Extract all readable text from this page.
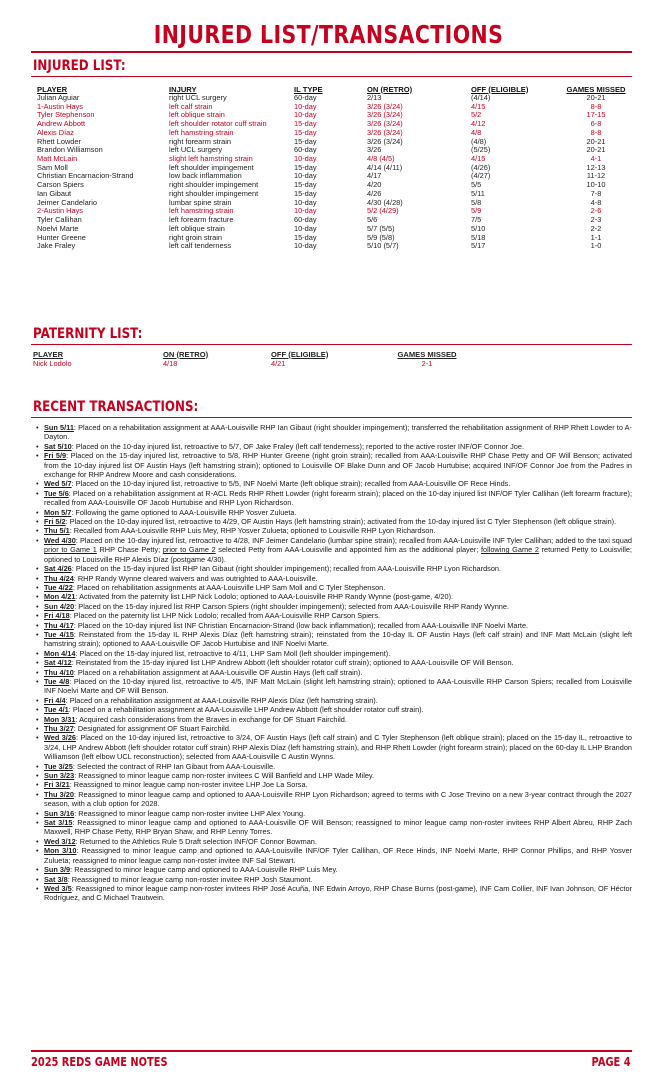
INJURED LIST/TRANSACTIONS
INJURED LIST:
PLAYER	INJURY	IL TYPE	ON (RETRO)	OFF (ELIGIBLE)	GAMES MISSED
Julian Aguiar	right UCL surgery	60-day	2/13	(4/14)	20-21
1-Austin Hays	left calf strain	10-day	3/26 (3/24)	4/15	8-8
Tyler Stephenson	left oblique strain	10-day	3/26 (3/24)	5/2	17-15
Andrew Abbott	left shoulder rotator cuff strain	15-day	3/26 (3/24)	4/12	6-8
Alexis Díaz	left hamstring strain	15-day	3/26 (3/24)	4/8	8-8
Rhett Lowder	right forearm strain	15-day	3/26 (3/24)	(4/8)	20-21
Brandon Williamson	left UCL surgery	60-day	3/26	(5/25)	20-21
Matt McLain	slight left hamstring strain	10-day	4/8 (4/5)	4/15	4-1
Sam Moll	left shoulder impingement	15-day	4/14 (4/11)	(4/26)	12-13
Christian Encarnacion-Strand	low back inflammation	10-day	4/17	(4/27)	11-12
Carson Spiers	right shoulder impingement	15-day	4/20	5/5	10-10
Ian Gibaut	right shoulder impingement	15-day	4/26	5/11	7-8
Jeimer Candelario	lumbar spine strain	10-day	4/30 (4/28)	5/8	4-8
2-Austin Hays	left hamstring strain	10-day	5/2 (4/29)	5/9	2-6
Tyler Callihan	left forearm fracture	60-day	5/6	7/5	2-3
Noelvi Marte	left oblique strain	10-day	5/7 (5/5)	5/10	2-2
Hunter Greene	right groin strain	15-day	5/9 (5/8)	5/18	1-1
Jake Fraley	left calf tenderness	10-day	5/10 (5/7)	5/17	1-0
PATERNITY LIST:
PLAYER	ON (RETRO)	OFF (ELIGIBLE)	GAMES MISSED
Nick Lodolo	4/18	4/21	2-1
RECENT TRANSACTIONS:
• Sun 5/11: Placed on a rehabilitation assignment at AAA-Louisville RHP Ian Gibaut (right shoulder impingement); transferred the rehabilitation assignment of RHP Rhett Lowder to A-Dayton.
• Sat 5/10: Placed on the 10-day injured list, retroactive to 5/7, OF Jake Fraley (left calf tenderness); reported to the active roster INF/OF Connor Joe.
• Fri 5/9: Placed on the 15-day injured list, retroactive to 5/8, RHP Hunter Greene (right groin strain); recalled from AAA-Louisville RHP Chase Petty and OF Will Benson; activated from the 10-day injured list OF Austin Hays (left hamstring strain); optioned to Louisville OF Blake Dunn and OF Jacob Hurtubise; acquired INF/OF Connor Joe from the Padres in exchange for RHP Andrew Moore and cash considerations.
• Wed 5/7: Placed on the 10-day injured list, retroactive to 5/5, INF Noelvi Marte (left oblique strain); recalled from AAA-Louisville OF Rece Hinds.
• Tue 5/6: Placed on a rehabilitation assignment at R-ACL Reds RHP Rhett Lowder (right forearm strain); placed on the 10-day injured list INF/OF Tyler Callihan (left forearm fracture); recalled from AAA-Louisville OF Jacob Hurtubise and RHP Lyon Richardson.
• Mon 5/7: Following the game optioned to AAA-Louisville RHP Yosver Zulueta.
• Fri 5/2: Placed on the 10-day injured list, retroactive to 4/29, OF Austin Hays (left hamstring strain); activated from the 10-day injured list C Tyler Stephenson (left oblique strain).
• Thu 5/1: Recalled from AAA-Louisville RHP Luis Mey, RHP Yosver Zulueta; optioned to Louisville RHP Lyon Richardson.
• Wed 4/30: Placed on the 10-day injured list, retroactive to 4/28, INF Jeimer Candelario (lumbar spine strain); recalled from AAA-Louisville INF Tyler Callihan; added to the taxi squad prior to Game 1 RHP Chase Petty; prior to Game 2 selected Petty from AAA-Louisville and appointed him as the additional player; following Game 2 returned Petty to Louisville; optioned to Louisville RHP Alexis Díaz (postgame 4/30).
• Sat 4/26: Placed on the 15-day injured list RHP Ian Gibaut (right shoulder impingement); recalled from AAA-Louisville RHP Lyon Richardson.
• Thu 4/24: RHP Randy Wynne cleared waivers and was outrighted to AAA-Louisville.
• Tue 4/22: Placed on rehabilitation assignments at AAA-Louisville LHP Sam Moll and C Tyler Stephenson.
• Mon 4/21: Activated from the paternity list LHP Nick Lodolo; optioned to AAA-Louisville RHP Randy Wynne (post-game, 4/20).
• Sun 4/20: Placed on the 15-day injured list RHP Carson Spiers (right shoulder impingement); selected from AAA-Louisville RHP Randy Wynne.
• Fri 4/18: Placed on the paternity list LHP Nick Lodolo; recalled from AAA-Louisville RHP Carson Spiers.
• Thu 4/17: Placed on the 10-day injured list INF Christian Encarnacion-Strand (low back inflammation); recalled from AAA-Louisville INF Noelvi Marte.
• Tue 4/15: Reinstated from the 15-day IL RHP Alexis Díaz (left hamstring strain); reinstated from the 10-day IL OF Austin Hays (left calf strain) and INF Matt McLain (slight left hamstring strain); optioned to AAA-Louisville OF Jacob Hurtubise and INF Noelvi Marte.
• Mon 4/14: Placed on the 15-day injured list, retroactive to 4/11, LHP Sam Moll (left shoulder impingement).
• Sat 4/12: Reinstated from the 15-day injured list LHP Andrew Abbott (left shoulder rotator cuff strain); optioned to AAA-Louisville OF Will Benson.
• Thu 4/10: Placed on a rehabilitation assignment at AAA-Louisville OF Austin Hays (left calf strain).
• Tue 4/8: Placed on the 10-day injured list, retroactive to 4/5, INF Matt McLain (slight left hamstring strain); optioned to AAA-Louisville RHP Carson Spiers; recalled from Louisville INF Noelvi Marte and OF Will Benson.
• Fri 4/4: Placed on a rehabilitation assignment at AAA-Louisville RHP Alexis Díaz (left hamstring strain).
• Tue 4/1: Placed on a rehabilitation assignment at AAA-Louisville LHP Andrew Abbott (left shoulder rotator cuff strain).
• Mon 3/31: Acquired cash considerations from the Braves in exchange for OF Stuart Fairchild.
• Thu 3/27: Designated for assignment OF Stuart Fairchild.
• Wed 3/26: Placed on the 10-day injured list, retroactive to 3/24, OF Austin Hays (left calf strain) and C Tyler Stephenson (left oblique strain); placed on the 15-day IL, retroactive to 3/24, LHP Andrew Abbott (left shoulder rotator cuff strain) RHP Alexis Díaz (left hamstring strain), and RHP Rhett Lowder (right forearm strain); placed on the 60-day IL LHP Brandon Williamson (left elbow UCL reconstruction); selected from AAA-Louisville C Austin Wynns.
• Tue 3/25: Selected the contract of RHP Ian Gibaut from AAA-Louisville.
• Sun 3/23: Reassigned to minor league camp non-roster invitees C Will Banfield and LHP Wade Miley.
• Fri 3/21: Reassigned to minor league camp non-roster invitee LHP Joe La Sorsa.
• Thu 3/20: Reassigned to minor league camp and optioned to AAA-Louisville RHP Lyon Richardson; agreed to terms with C Jose Trevino on a new 3-year contract through the 2027 season, with a club option for 2028.
• Sun 3/16: Reassigned to minor league camp non-roster invitee LHP Alex Young.
• Sat 3/15: Reassigned to minor league camp and optioned to AAA-Louisville OF Will Benson; reassigned to minor league camp non-roster invitees RHP Albert Abreu, RHP Zach Maxwell, RHP Chase Petty, RHP Bryan Shaw, and RHP Lenny Torres.
• Wed 3/12: Returned to the Athletics Rule 5 Draft selection INF/OF Connor Bowman.
• Mon 3/10: Reassigned to minor league camp and optioned to AAA-Louisville INF/OF Tyler Callihan, OF Rece Hinds, INF Noelvi Marte, RHP Connor Phillips, and RHP Yosver Zulueta; reassigned to minor league camp non-roster invitee INF Sal Stewart.
• Sun 3/9: Reassigned to minor league camp and optioned to AAA-Louisville RHP Luis Mey.
• Sat 3/8: Reassigned to minor league camp non-roster invitee RHP Josh Staumont.
• Wed 3/5: Reassigned to minor league camp non-roster invitees RHP José Acuña, INF Edwin Arroyo, RHP Chase Burns (post-game), INF Cam Collier, INF Ivan Johnson, OF Héctor Rodríguez, and C Michael Trautwein.
2025 REDS GAME NOTES	PAGE 4
